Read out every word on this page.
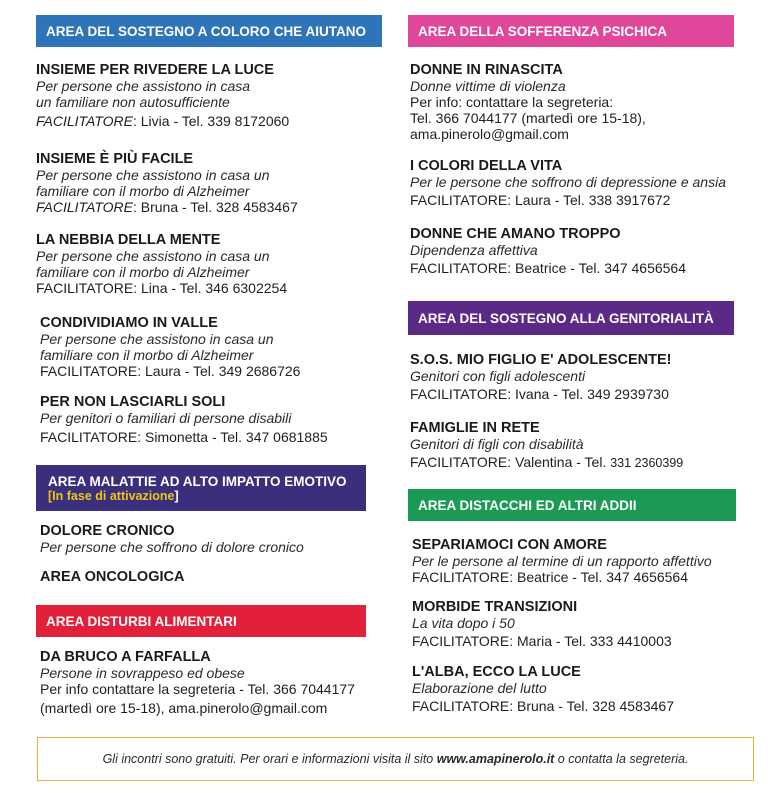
AREA DEL SOSTEGNO A COLORO CHE AIUTANO
INSIEME PER RIVEDERE LA LUCE
Per persone che assistono in casa
un familiare non autosufficiente
FACILITATORE: Livia - Tel. 339 8172060
INSIEME È PIÙ FACILE
Per persone che assistono in casa un
familiare con il morbo di Alzheimer
FACILITATORE: Bruna - Tel. 328 4583467
LA NEBBIA DELLA MENTE
Per persone che assistono in casa un
familiare con il morbo di Alzheimer
FACILITATORE: Lina - Tel. 346 6302254
CONDIVIDIAMO IN VALLE
Per persone che assistono in casa un
familiare con il morbo di Alzheimer
FACILITATORE: Laura - Tel. 349 2686726
PER NON LASCIARLI SOLI
Per genitori o familiari di persone disabili
FACILITATORE: Simonetta - Tel. 347 0681885
AREA MALATTIE AD ALTO IMPATTO EMOTIVO
[In fase di attivazione]
DOLORE CRONICO
Per persone che soffrono di dolore cronico
AREA ONCOLOGICA
AREA DISTURBI ALIMENTARI
DA BRUCO A FARFALLA
Persone in sovrappeso ed obese
Per info contattare la segreteria - Tel. 366 7044177
(martedì ore 15-18), ama.pinerolo@gmail.com
AREA DELLA SOFFERENZA PSICHICA
DONNE IN RINASCITA
Donne vittime di violenza
Per info: contattare la segreteria:
Tel. 366 7044177 (martedì ore 15-18),
ama.pinerolo@gmail.com
I COLORI DELLA VITA
Per le persone che soffrono di depressione e ansia
FACILITATORE: Laura - Tel. 338 3917672
DONNE CHE AMANO TROPPO
Dipendenza affettiva
FACILITATORE: Beatrice - Tel. 347 4656564
AREA DEL SOSTEGNO ALLA GENITORIALITÀ
S.O.S. MIO FIGLIO E' ADOLESCENTE!
Genitori con figli adolescenti
FACILITATORE: Ivana - Tel. 349 2939730
FAMIGLIE IN RETE
Genitori di figli con disabilità
FACILITATORE: Valentina - Tel. 331 2360399
AREA DISTACCHI ED ALTRI ADDII
SEPARIAMOCI CON AMORE
Per le persone al termine di un rapporto affettivo
FACILITATORE: Beatrice - Tel. 347 4656564
MORBIDE TRANSIZIONI
La vita dopo i 50
FACILITATORE: Maria - Tel. 333 4410003
L'ALBA, ECCO LA LUCE
Elaborazione del lutto
FACILITATORE: Bruna - Tel. 328 4583467
Gli incontri sono gratuiti. Per orari e informazioni visita il sito www.amapinerolo.it o contatta la segreteria.
